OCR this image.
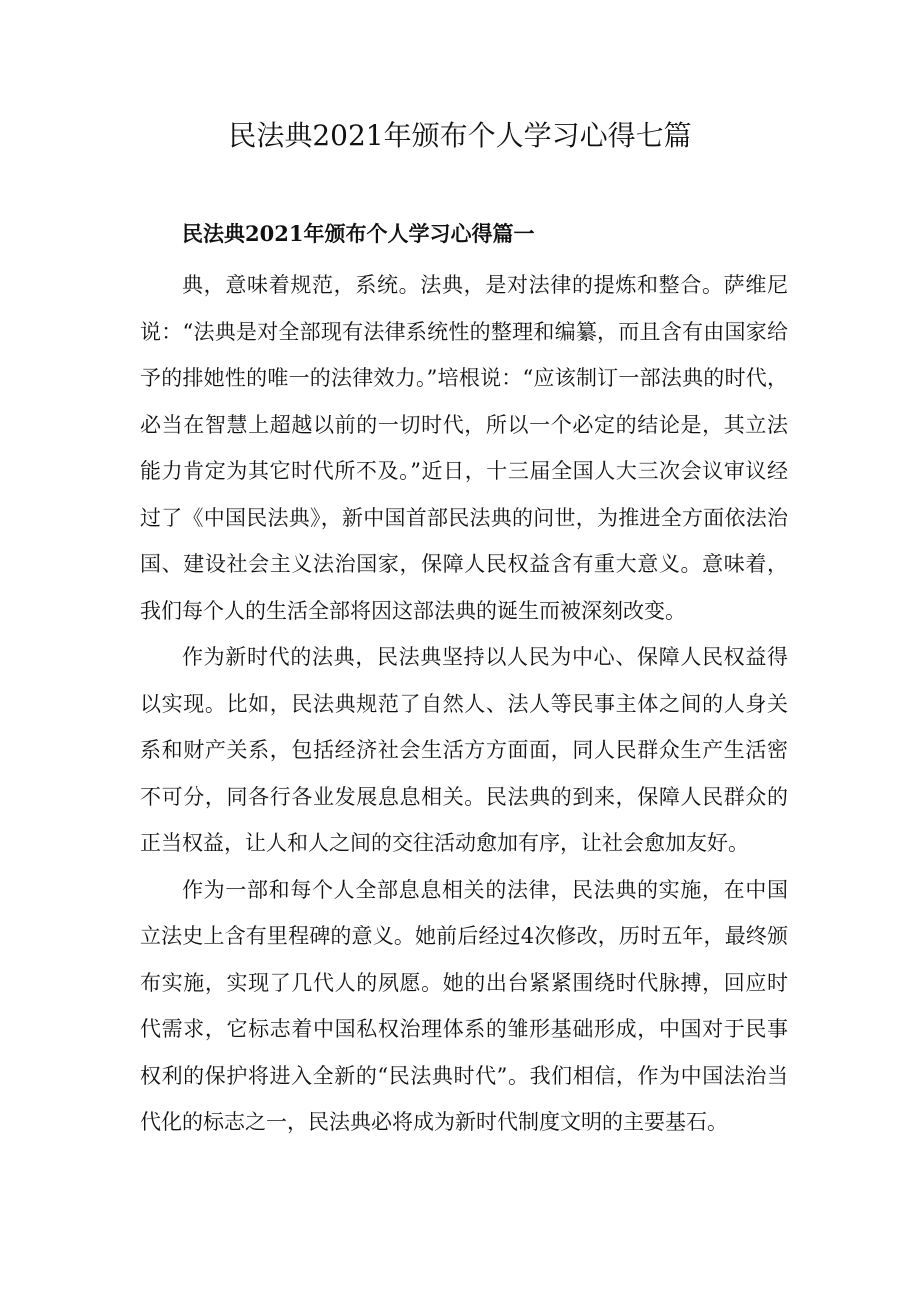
民法典2021年颁布个人学习心得七篇
民法典2021年颁布个人学习心得篇一

典，意味着规范，系统。法典，是对法律的提炼和整合。萨维尼说：“法典是对全部现有法律系统性的整理和编纂，而且含有由国家给予的排她性的唯一的法律效力。”培根说：“应该制订一部法典的时代，必当在智慧上超越以前的一切时代，所以一个必定的结论是，其立法能力肯定为其它时代所不及。”近日，十三届全国人大三次会议审议经过了《中国民法典》，新中国首部民法典的问世，为推进全方面依法治国、建设社会主义法治国家，保障人民权益含有重大意义。意味着，我们每个人的生活全部将因这部法典的诞生而被深刻改变。

作为新时代的法典，民法典坚持以人民为中心、保障人民权益得以实现。比如，民法典规范了自然人、法人等民事主体之间的人身关系和财产关系，包括经济社会生活方方面面，同人民群众生产生活密不可分，同各行各业发展息息相关。民法典的到来，保障人民群众的正当权益，让人和人之间的交往活动愈加有序，让社会愈加友好。

作为一部和每个人全部息息相关的法律，民法典的实施，在中国立法史上含有里程碑的意义。她前后经过4次修改，历时五年，最终颁布实施，实现了几代人的夙愿。她的出台紧紧围绕时代脉搏，回应时代需求，它标志着中国私权治理体系的雏形基础形成，中国对于民事权利的保护将进入全新的“民法典时代”。我们相信，作为中国法治当代化的标志之一，民法典必将成为新时代制度文明的主要基石。
